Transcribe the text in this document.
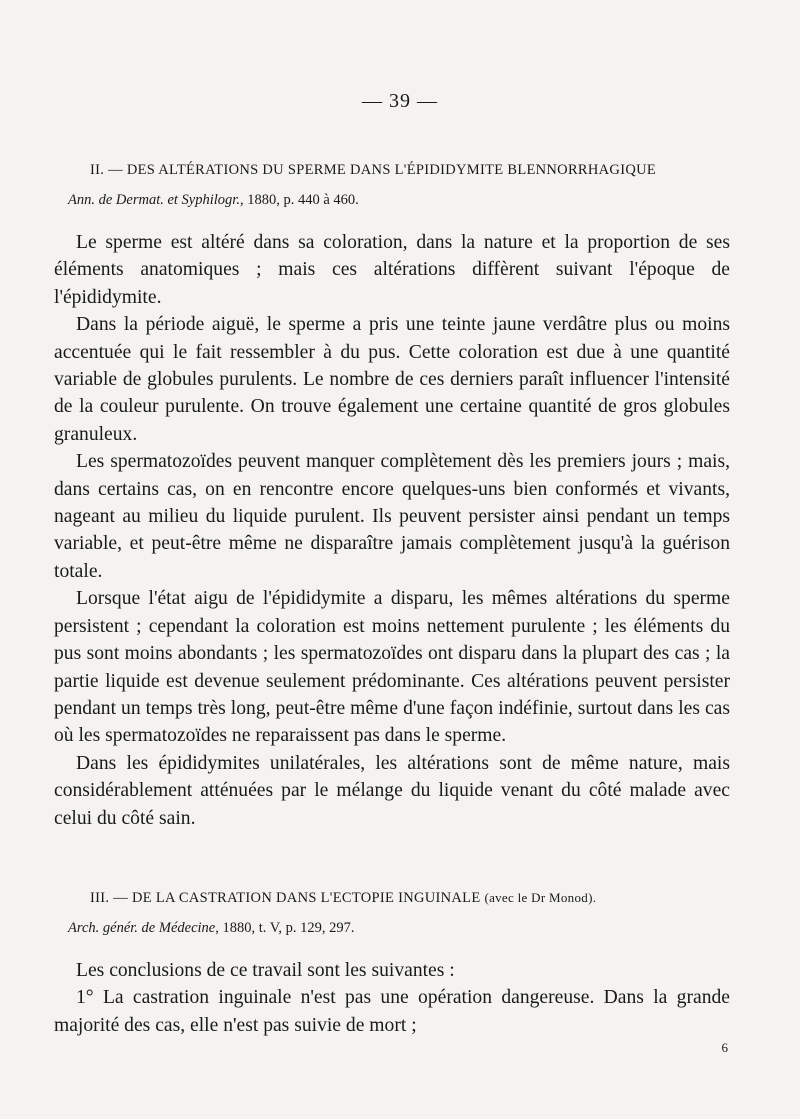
— 39 —
II. — DES ALTÉRATIONS DU SPERME DANS L'ÉPIDIDYMITE BLENNORRHAGIQUE
Ann. de Dermat. et Syphilogr., 1880, p. 440 à 460.

Le sperme est altéré dans sa coloration, dans la nature et la proportion de ses éléments anatomiques ; mais ces altérations diffèrent suivant l'époque de l'épididymite.

Dans la période aiguë, le sperme a pris une teinte jaune verdâtre plus ou moins accentuée qui le fait ressembler à du pus. Cette coloration est due à une quantité variable de globules purulents. Le nombre de ces derniers paraît influencer l'intensité de la couleur purulente. On trouve également une certaine quantité de gros globules granuleux.

Les spermatozoïdes peuvent manquer complètement dès les premiers jours ; mais, dans certains cas, on en rencontre encore quelques-uns bien conformés et vivants, nageant au milieu du liquide purulent. Ils peuvent persister ainsi pendant un temps variable, et peut-être même ne disparaître jamais complètement jusqu'à la guérison totale.

Lorsque l'état aigu de l'épididymite a disparu, les mêmes altérations du sperme persistent ; cependant la coloration est moins nettement purulente ; les éléments du pus sont moins abondants ; les spermatozoïdes ont disparu dans la plupart des cas ; la partie liquide est devenue seulement prédominante. Ces altérations peuvent persister pendant un temps très long, peut-être même d'une façon indéfinie, surtout dans les cas où les spermatozoïdes ne reparaissent pas dans le sperme.

Dans les épididymites unilatérales, les altérations sont de même nature, mais considérablement atténuées par le mélange du liquide venant du côté malade avec celui du côté sain.

III. — DE LA CASTRATION DANS L'ECTOPIE INGUINALE (avec le Dr Monod).
Arch. génér. de Médecine, 1880, t. V, p. 129, 297.

Les conclusions de ce travail sont les suivantes :

1° La castration inguinale n'est pas une opération dangereuse. Dans la grande majorité des cas, elle n'est pas suivie de mort ;

6
